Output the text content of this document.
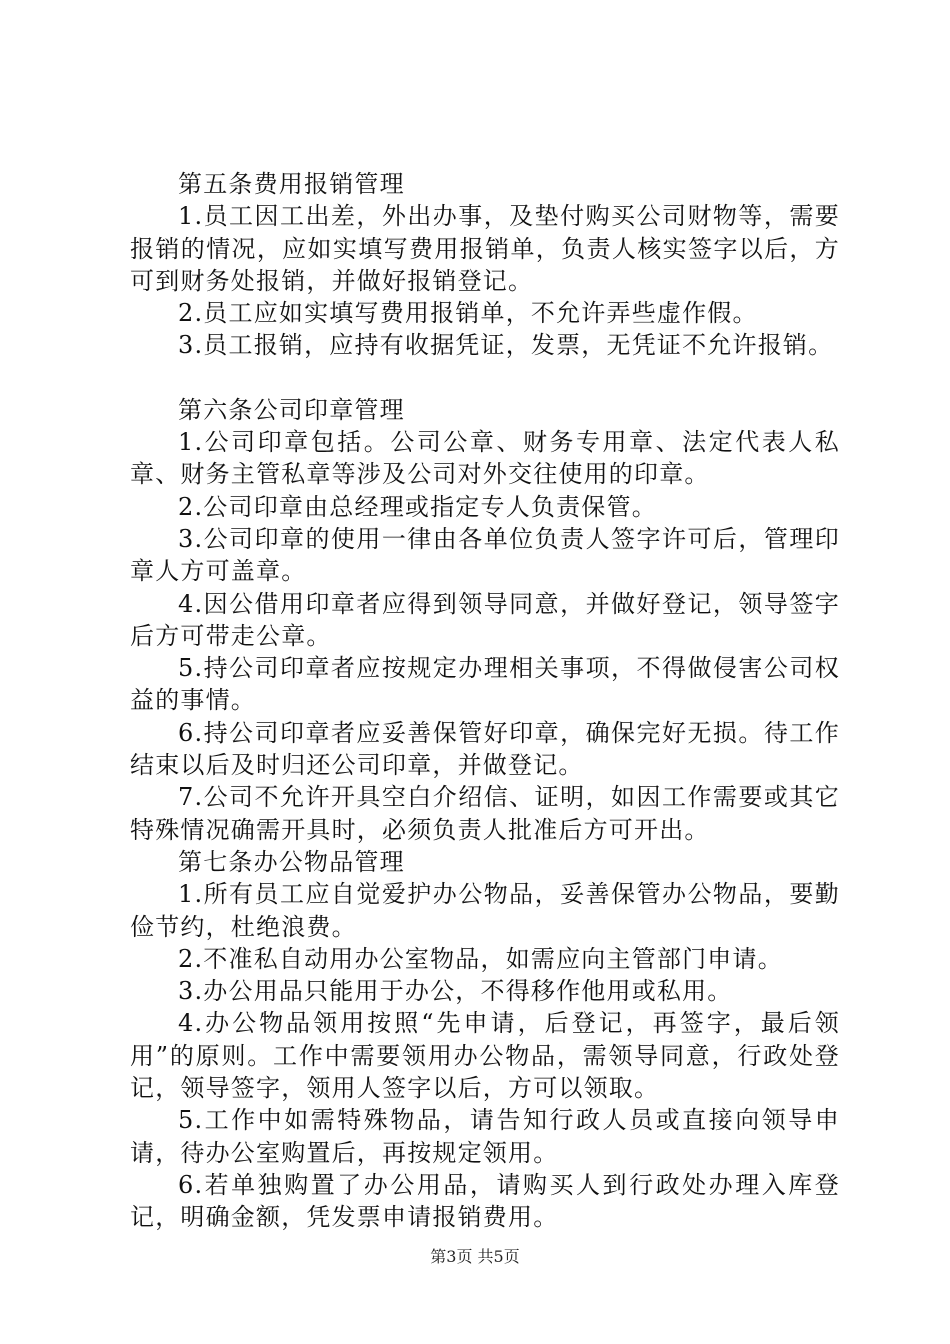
第五条费用报销管理

1.员工因工出差，外出办事，及垫付购买公司财物等，需要报销的情况，应如实填写费用报销单，负责人核实签字以后，方可到财务处报销，并做好报销登记。

2.员工应如实填写费用报销单，不允许弄些虚作假。

3.员工报销，应持有收据凭证，发票，无凭证不允许报销。

第六条公司印章管理

1.公司印章包括。公司公章、财务专用章、法定代表人私章、财务主管私章等涉及公司对外交往使用的印章。

2.公司印章由总经理或指定专人负责保管。

3.公司印章的使用一律由各单位负责人签字许可后，管理印章人方可盖章。

4.因公借用印章者应得到领导同意，并做好登记，领导签字后方可带走公章。

5.持公司印章者应按规定办理相关事项，不得做侵害公司权益的事情。

6.持公司印章者应妥善保管好印章，确保完好无损。待工作结束以后及时归还公司印章，并做登记。

7.公司不允许开具空白介绍信、证明，如因工作需要或其它特殊情况确需开具时，必须负责人批准后方可开出。

第七条办公物品管理

1.所有员工应自觉爱护办公物品，妥善保管办公物品，要勤俭节约，杜绝浪费。

2.不准私自动用办公室物品，如需应向主管部门申请。

3.办公用品只能用于办公，不得移作他用或私用。

4.办公物品领用按照“先申请，后登记，再签字，最后领用”的原则。工作中需要领用办公物品，需领导同意，行政处登记，领导签字，领用人签字以后，方可以领取。

5.工作中如需特殊物品，请告知行政人员或直接向领导申请，待办公室购置后，再按规定领用。

6.若单独购置了办公用品，请购买人到行政处办理入库登记，明确金额，凭发票申请报销费用。

第3页 共5页
